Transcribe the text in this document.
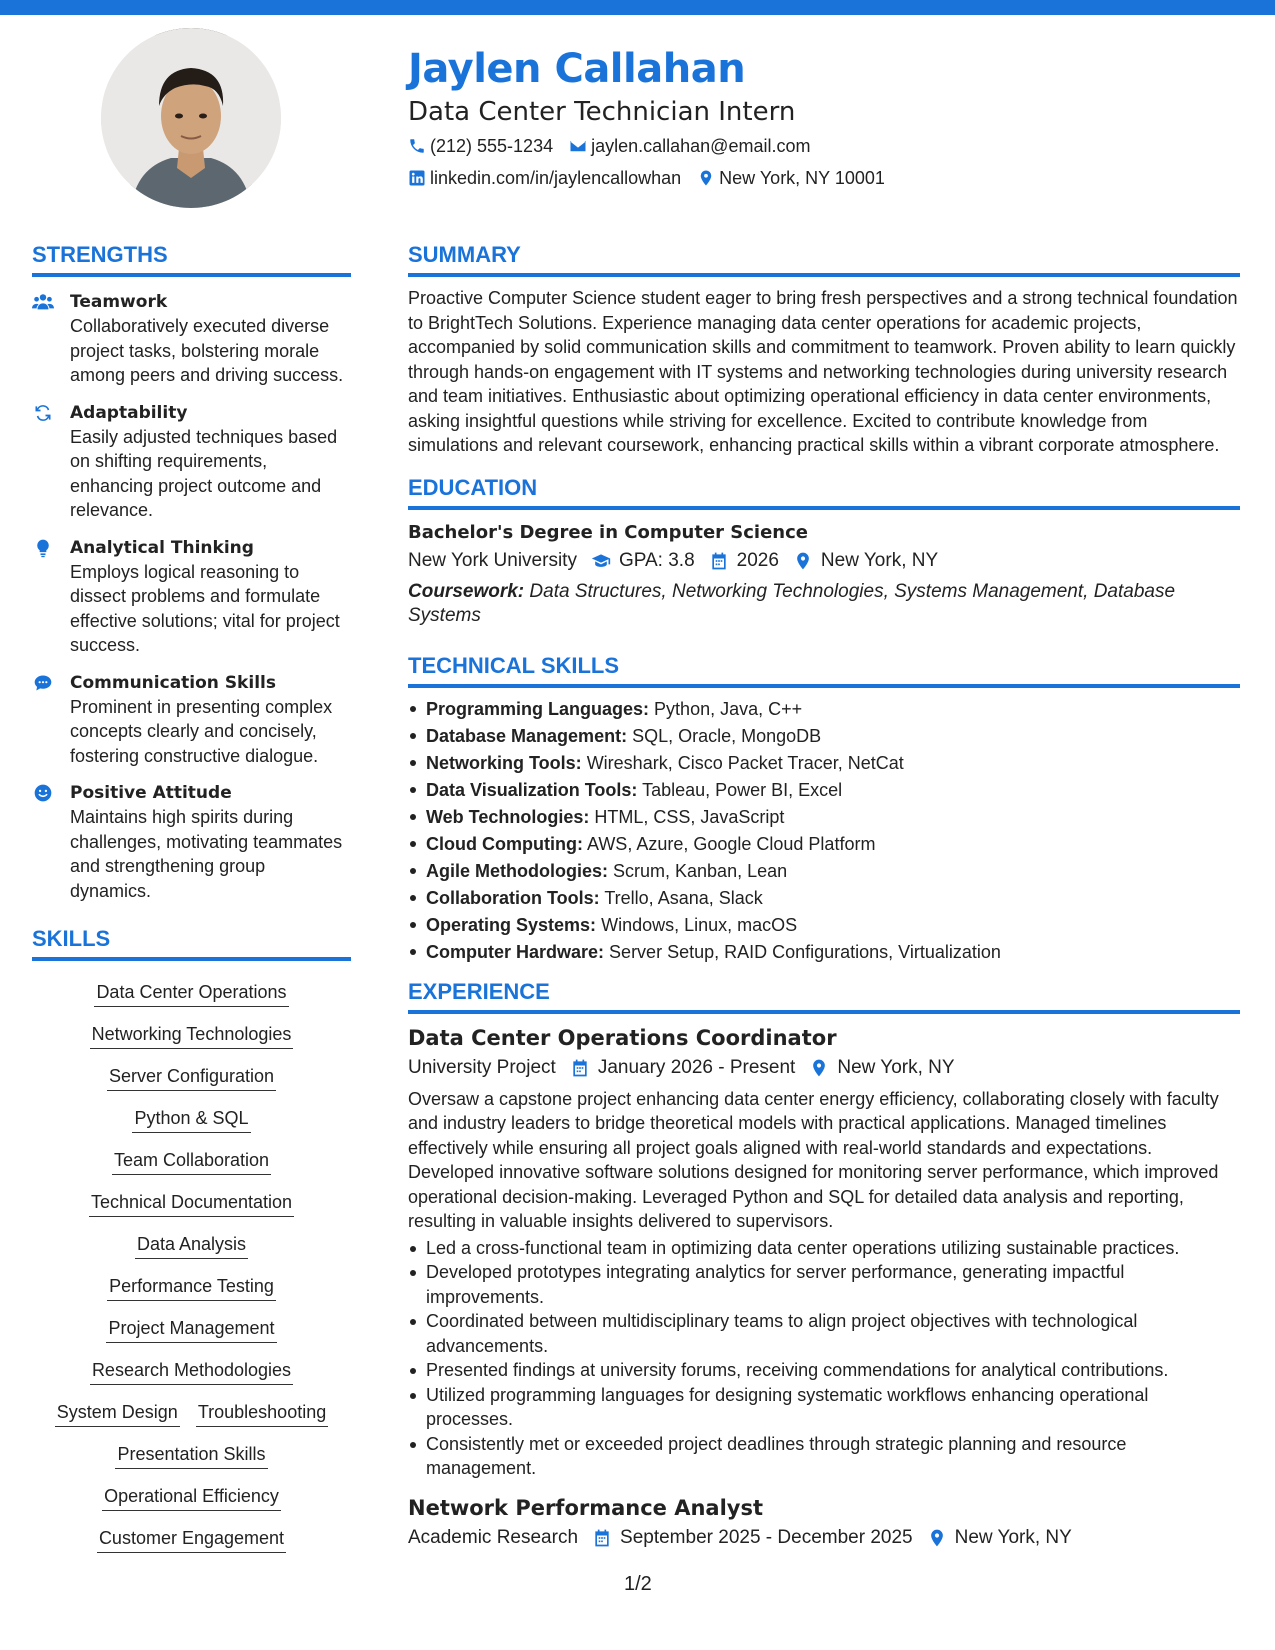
Jaylen Callahan
Data Center Technician Intern
(212) 555-1234 jaylen.callahan@email.com
linkedin.com/in/jaylencallowhan New York, NY 10001
STRENGTHS
Teamwork
Collaboratively executed diverse project tasks, bolstering morale among peers and driving success.
Adaptability
Easily adjusted techniques based on shifting requirements, enhancing project outcome and relevance.
Analytical Thinking
Employs logical reasoning to dissect problems and formulate effective solutions; vital for project success.
Communication Skills
Prominent in presenting complex concepts clearly and concisely, fostering constructive dialogue.
Positive Attitude
Maintains high spirits during challenges, motivating teammates and strengthening group dynamics.
SKILLS
Data Center Operations
Networking Technologies
Server Configuration
Python & SQL
Team Collaboration
Technical Documentation
Data Analysis
Performance Testing
Project Management
Research Methodologies
System Design Troubleshooting
Presentation Skills
Operational Efficiency
Customer Engagement
SUMMARY
Proactive Computer Science student eager to bring fresh perspectives and a strong technical foundation to BrightTech Solutions. Experience managing data center operations for academic projects, accompanied by solid communication skills and commitment to teamwork. Proven ability to learn quickly through hands-on engagement with IT systems and networking technologies during university research and team initiatives. Enthusiastic about optimizing operational efficiency in data center environments, asking insightful questions while striving for excellence. Excited to contribute knowledge from simulations and relevant coursework, enhancing practical skills within a vibrant corporate atmosphere.
EDUCATION
Bachelor's Degree in Computer Science
New York University GPA: 3.8 2026 New York, NY
Coursework: Data Structures, Networking Technologies, Systems Management, Database Systems
TECHNICAL SKILLS
Programming Languages: Python, Java, C++
Database Management: SQL, Oracle, MongoDB
Networking Tools: Wireshark, Cisco Packet Tracer, NetCat
Data Visualization Tools: Tableau, Power BI, Excel
Web Technologies: HTML, CSS, JavaScript
Cloud Computing: AWS, Azure, Google Cloud Platform
Agile Methodologies: Scrum, Kanban, Lean
Collaboration Tools: Trello, Asana, Slack
Operating Systems: Windows, Linux, macOS
Computer Hardware: Server Setup, RAID Configurations, Virtualization
EXPERIENCE
Data Center Operations Coordinator
University Project January 2026 - Present New York, NY
Oversaw a capstone project enhancing data center energy efficiency, collaborating closely with faculty and industry leaders to bridge theoretical models with practical applications. Managed timelines effectively while ensuring all project goals aligned with real-world standards and expectations. Developed innovative software solutions designed for monitoring server performance, which improved operational decision-making. Leveraged Python and SQL for detailed data analysis and reporting, resulting in valuable insights delivered to supervisors.
Led a cross-functional team in optimizing data center operations utilizing sustainable practices.
Developed prototypes integrating analytics for server performance, generating impactful improvements.
Coordinated between multidisciplinary teams to align project objectives with technological advancements.
Presented findings at university forums, receiving commendations for analytical contributions.
Utilized programming languages for designing systematic workflows enhancing operational processes.
Consistently met or exceeded project deadlines through strategic planning and resource management.
Network Performance Analyst
Academic Research September 2025 - December 2025 New York, NY
1/2
